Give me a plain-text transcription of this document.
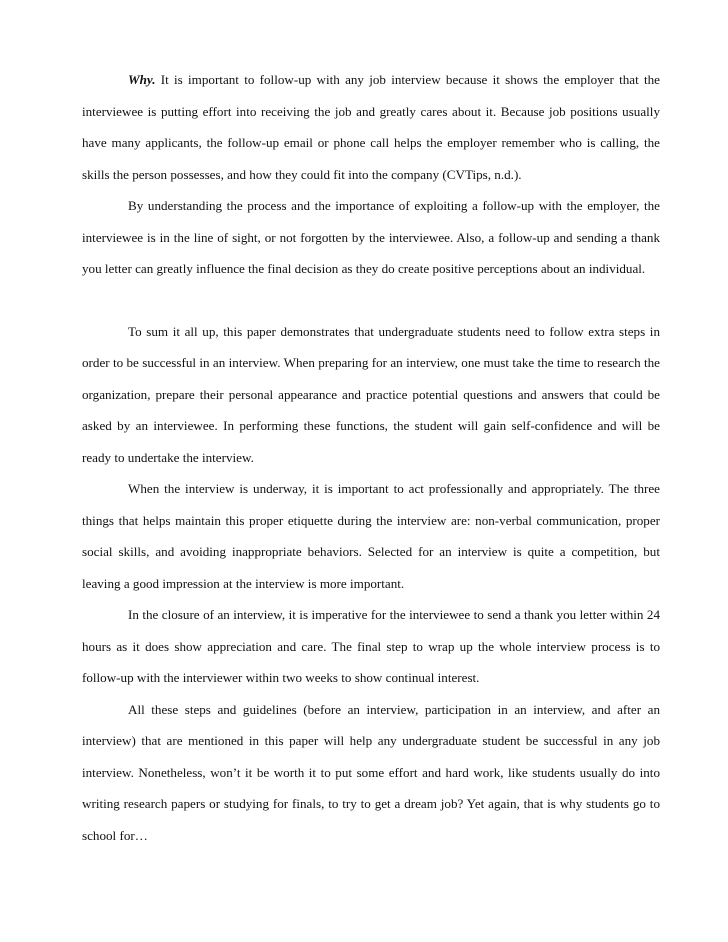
Why. It is important to follow-up with any job interview because it shows the employer that the interviewee is putting effort into receiving the job and greatly cares about it. Because job positions usually have many applicants, the follow-up email or phone call helps the employer remember who is calling, the skills the person possesses, and how they could fit into the company (CVTips, n.d.).

By understanding the process and the importance of exploiting a follow-up with the employer, the interviewee is in the line of sight, or not forgotten by the interviewee. Also, a follow-up and sending a thank you letter can greatly influence the final decision as they do create positive perceptions about an individual.

To sum it all up, this paper demonstrates that undergraduate students need to follow extra steps in order to be successful in an interview. When preparing for an interview, one must take the time to research the organization, prepare their personal appearance and practice potential questions and answers that could be asked by an interviewee. In performing these functions, the student will gain self-confidence and will be ready to undertake the interview.

When the interview is underway, it is important to act professionally and appropriately. The three things that helps maintain this proper etiquette during the interview are: non-verbal communication, proper social skills, and avoiding inappropriate behaviors. Selected for an interview is quite a competition, but leaving a good impression at the interview is more important.

In the closure of an interview, it is imperative for the interviewee to send a thank you letter within 24 hours as it does show appreciation and care. The final step to wrap up the whole interview process is to follow-up with the interviewer within two weeks to show continual interest.

All these steps and guidelines (before an interview, participation in an interview, and after an interview) that are mentioned in this paper will help any undergraduate student be successful in any job interview. Nonetheless, won’t it be worth it to put some effort and hard work, like students usually do into writing research papers or studying for finals, to try to get a dream job? Yet again, that is why students go to school for…
